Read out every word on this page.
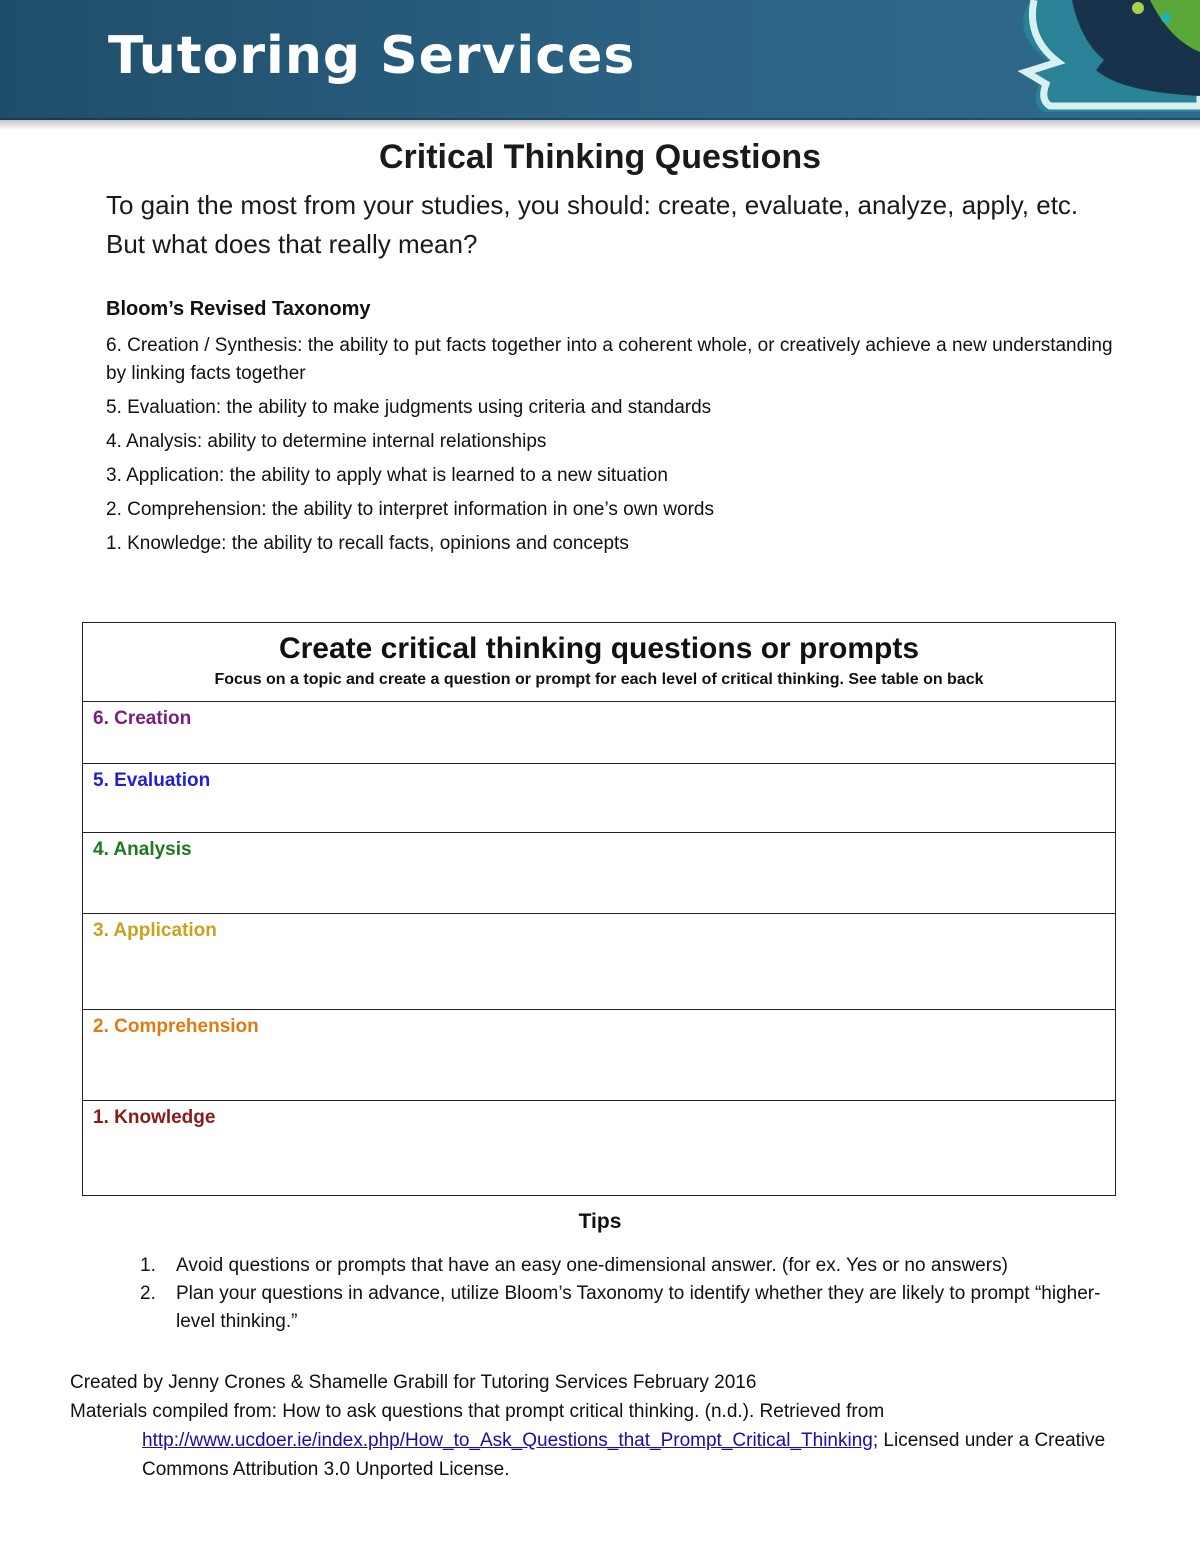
Tutoring Services
Critical Thinking Questions
To gain the most from your studies, you should: create, evaluate, analyze, apply, etc. But what does that really mean?
Bloom’s Revised Taxonomy
6. Creation / Synthesis: the ability to put facts together into a coherent whole, or creatively achieve a new understanding by linking facts together
5. Evaluation: the ability to make judgments using criteria and standards
4. Analysis: ability to determine internal relationships
3. Application: the ability to apply what is learned to a new situation
2. Comprehension: the ability to interpret information in one’s own words
1. Knowledge: the ability to recall facts, opinions and concepts
Create critical thinking questions or prompts
Focus on a topic and create a question or prompt for each level of critical thinking. See table on back
6. Creation
5. Evaluation
4. Analysis
3. Application
2. Comprehension
1. Knowledge
Tips
1. Avoid questions or prompts that have an easy one-dimensional answer. (for ex. Yes or no answers)
2. Plan your questions in advance, utilize Bloom’s Taxonomy to identify whether they are likely to prompt “higher-level thinking.”
Created by Jenny Crones & Shamelle Grabill for Tutoring Services February 2016
Materials compiled from: How to ask questions that prompt critical thinking. (n.d.). Retrieved from
http://www.ucdoer.ie/index.php/How_to_Ask_Questions_that_Prompt_Critical_Thinking; Licensed under a Creative Commons Attribution 3.0 Unported License.
